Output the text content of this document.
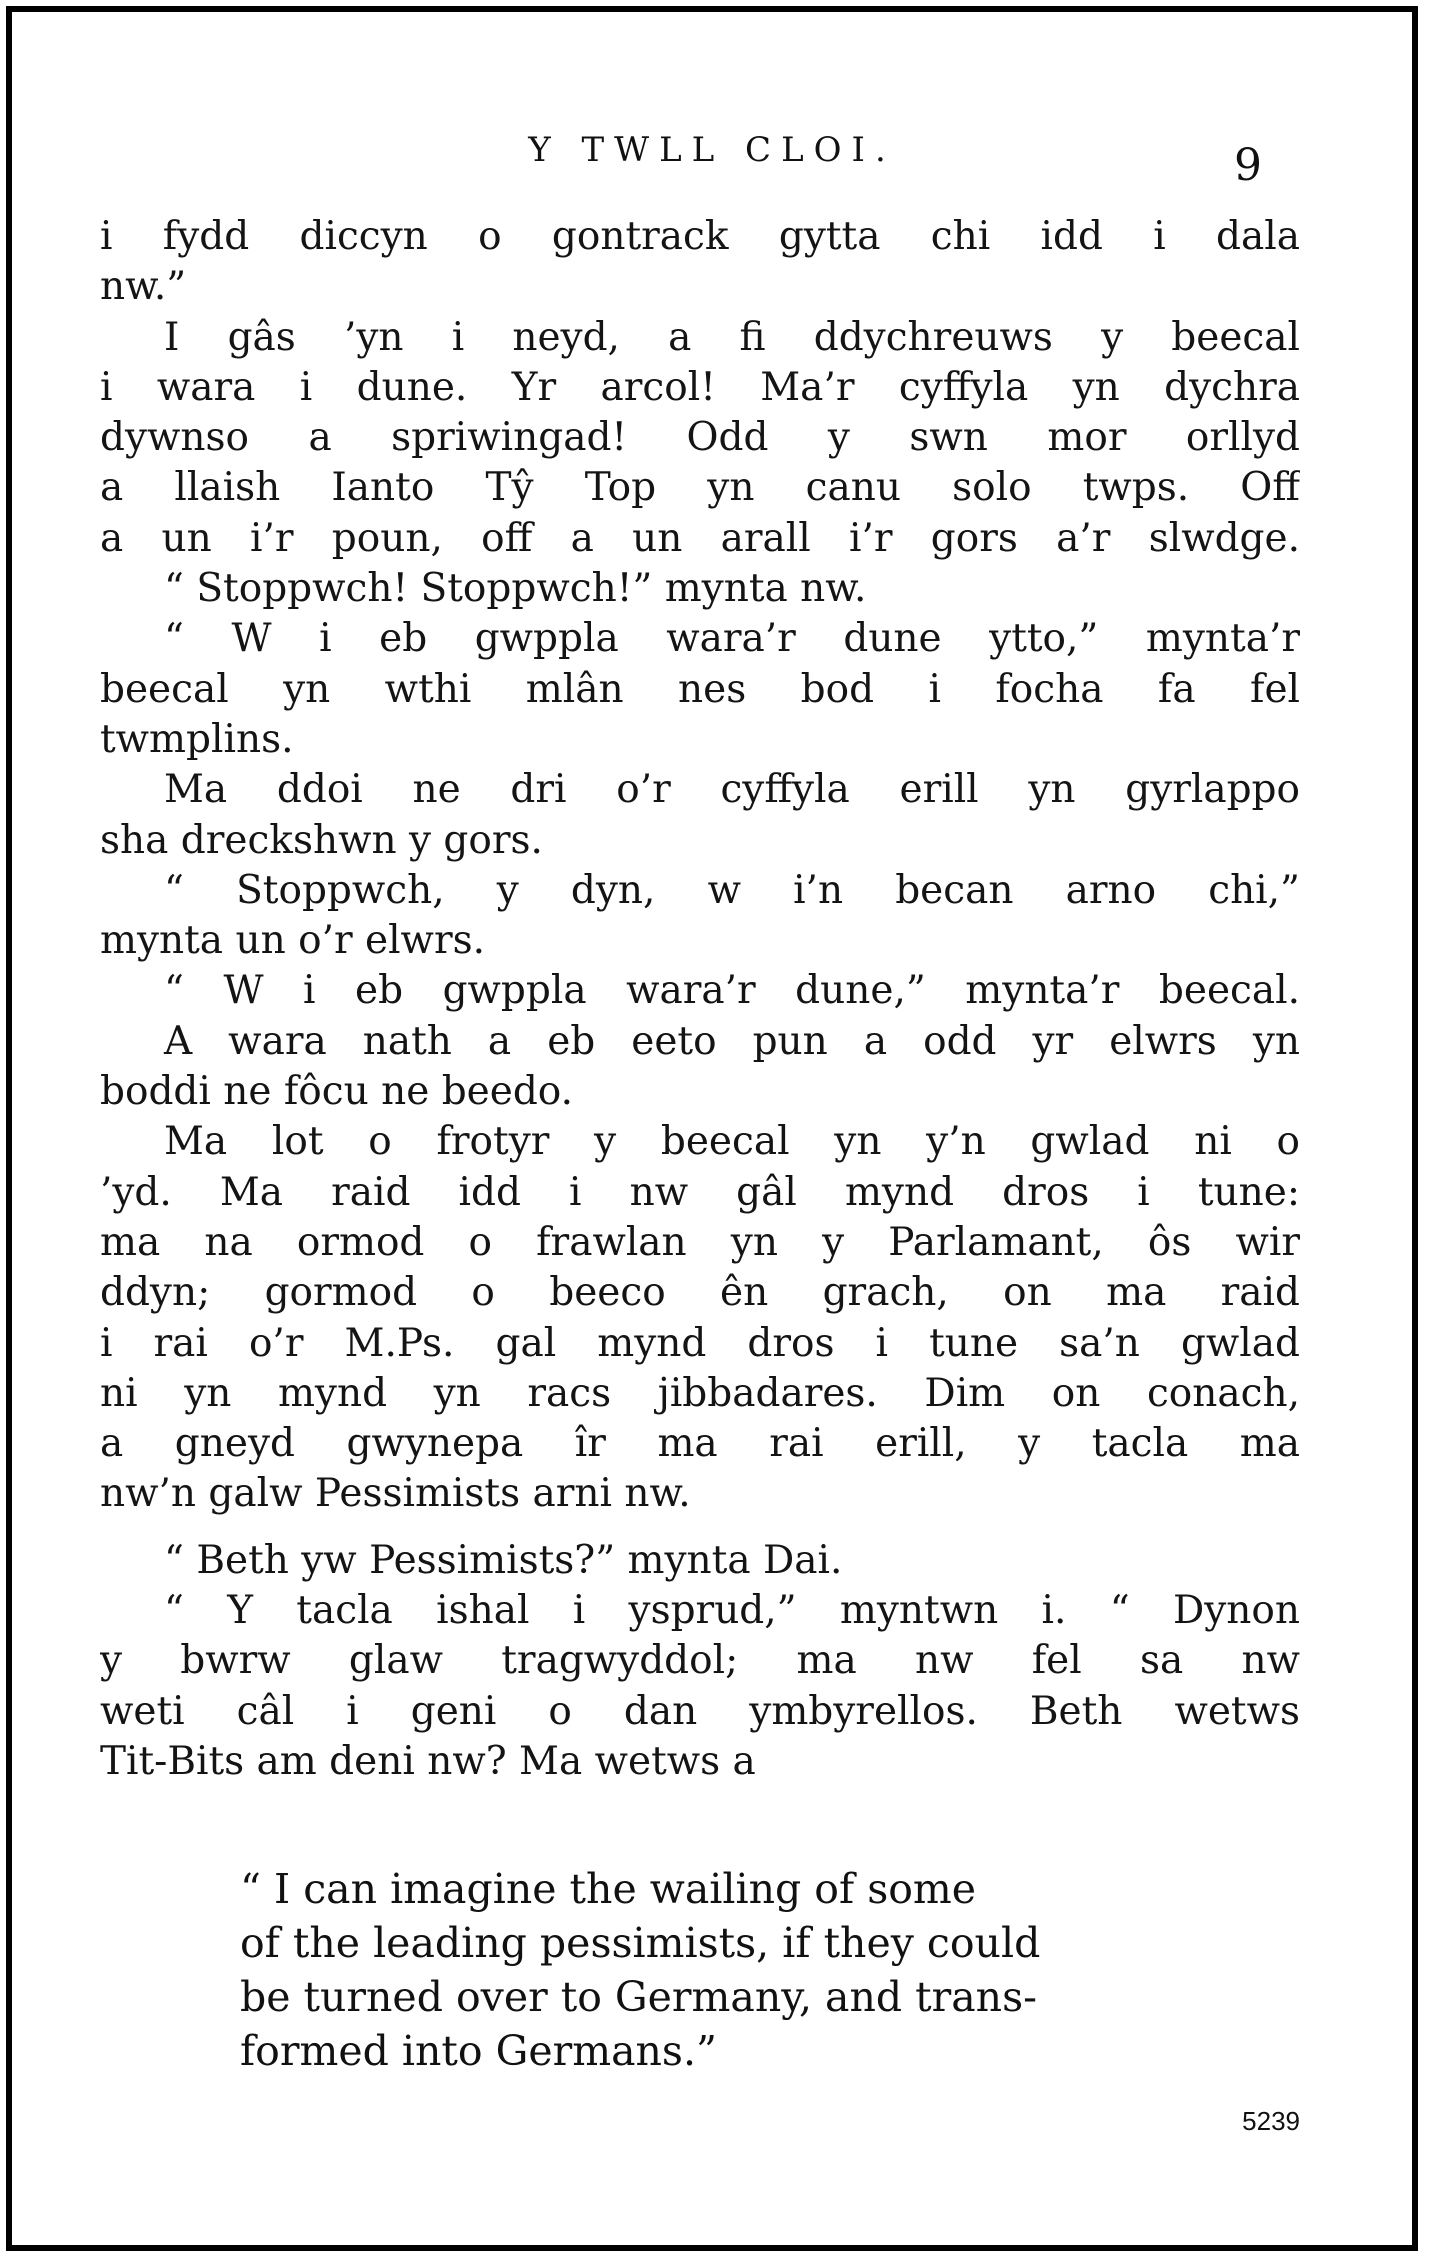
Y TWLL CLOI.	9
i fydd diccyn o gontrack gytta chi idd i dala
nw.”
I gâs ’yn i neyd, a fi ddychreuws y beecal
i wara i dune. Yr arcol! Ma’r cyffyla yn dychra
dywnso a spriwingad! Odd y swn mor orllyd
a llaish Ianto Tŷ Top yn canu solo twps. Off
a un i’r poun, off a un arall i’r gors a’r slwdge.
“ Stoppwch! Stoppwch!” mynta nw.
“ W i eb gwppla wara’r dune ytto,” mynta’r
beecal yn wthi mlân nes bod i focha fa fel
twmplins.
Ma ddoi ne dri o’r cyffyla erill yn gyrlappo
sha dreckshwn y gors.
“ Stoppwch, y dyn, w i’n becan arno chi,”
mynta un o’r elwrs.
“ W i eb gwppla wara’r dune,” mynta’r beecal.
A wara nath a eb eeto pun a odd yr elwrs yn
boddi ne fôcu ne beedo.
Ma lot o frotyr y beecal yn y’n gwlad ni o
’yd. Ma raid idd i nw gâl mynd dros i tune:
ma na ormod o frawlan yn y Parlamant, ôs wir
ddyn; gormod o beeco ên grach, on ma raid
i rai o’r M.Ps. gal mynd dros i tune sa’n gwlad
ni yn mynd yn racs jibbadares. Dim on conach,
a gneyd gwynepa îr ma rai erill, y tacla ma
nw’n galw Pessimists arni nw.
“ Beth yw Pessimists?” mynta Dai.
“ Y tacla ishal i ysprud,” myntwn i. “ Dynon
y bwrw glaw tragwyddol; ma nw fel sa nw
weti câl i geni o dan ymbyrellos. Beth wetws
Tit-Bits am deni nw? Ma wetws a
“ I can imagine the wailing of some
of the leading pessimists, if they could
be turned over to Germany, and trans-
formed into Germans.”
5239
